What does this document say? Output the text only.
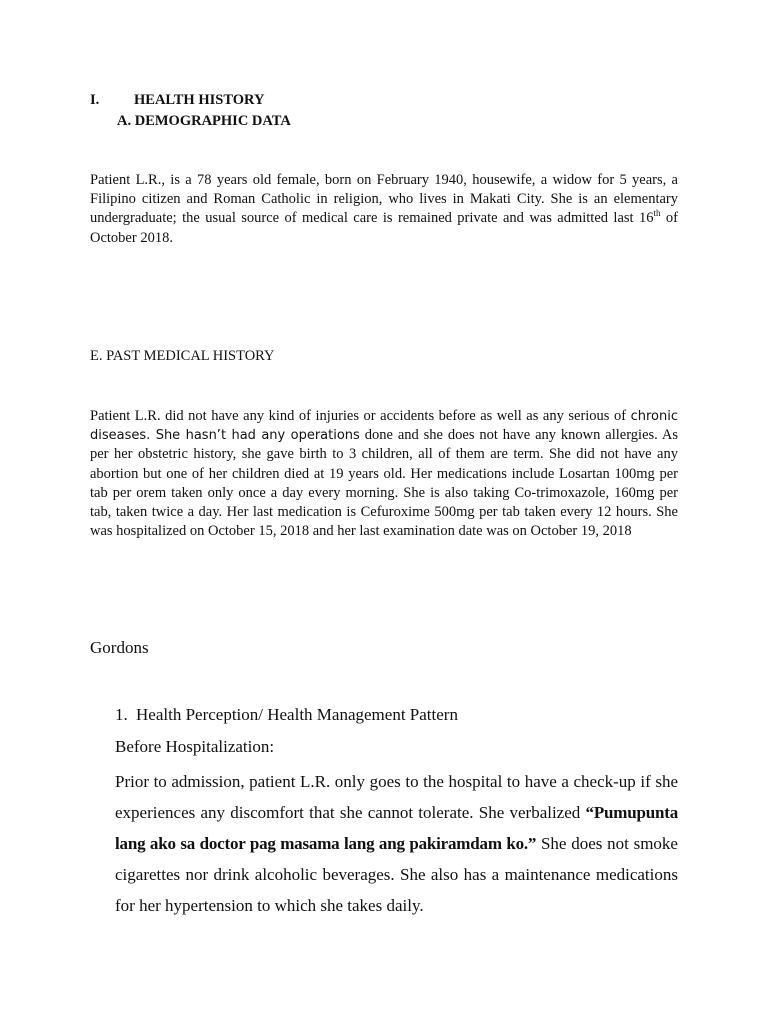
I. HEALTH HISTORY
A. DEMOGRAPHIC DATA

Patient L.R., is a 78 years old female, born on February 1940, housewife, a widow for 5 years, a Filipino citizen and Roman Catholic in religion, who lives in Makati City. She is an elementary undergraduate; the usual source of medical care is remained private and was admitted last 16th of October 2018.

E. PAST MEDICAL HISTORY

Patient L.R. did not have any kind of injuries or accidents before as well as any serious of chronic diseases. She hasn’t had any operations done and she does not have any known allergies. As per her obstetric history, she gave birth to 3 children, all of them are term. She did not have any abortion but one of her children died at 19 years old. Her medications include Losartan 100mg per tab per orem taken only once a day every morning. She is also taking Co-trimoxazole, 160mg per tab, taken twice a day. Her last medication is Cefuroxime 500mg per tab taken every 12 hours. She was hospitalized on October 15, 2018 and her last examination date was on October 19, 2018

Gordons
1. Health Perception/ Health Management Pattern
Before Hospitalization:

Prior to admission, patient L.R. only goes to the hospital to have a check-up if she experiences any discomfort that she cannot tolerate. She verbalized “Pumupunta lang ako sa doctor pag masama lang ang pakiramdam ko.” She does not smoke cigarettes nor drink alcoholic beverages. She also has a maintenance medications for her hypertension to which she takes daily.
